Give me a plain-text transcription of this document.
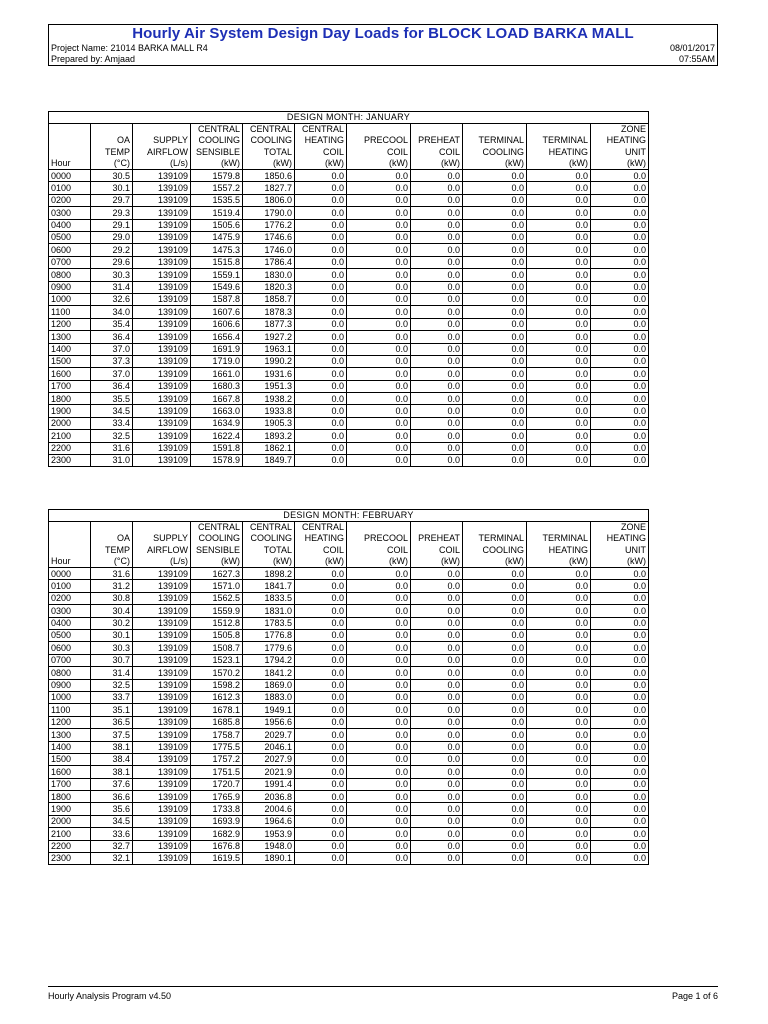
Hourly Air System Design Day Loads for BLOCK LOAD BARKA MALL
Project Name: 21014 BARKA MALL R4
Prepared by: Amjaad
08/01/2017
07:55AM
DESIGN MONTH: JANUARY										
			CENTRAL	CENTRAL	CENTRAL					ZONE
	OA	SUPPLY	COOLING	COOLING	HEATING	PRECOOL	PREHEAT	TERMINAL	TERMINAL	HEATING
	TEMP	AIRFLOW	SENSIBLE	TOTAL	COIL	COIL	COIL	COOLING	HEATING	UNIT
Hour	(°C)	(L/s)	(kW)	(kW)	(kW)	(kW)	(kW)	(kW)	(kW)	(kW)
0000	30.5	139109	1579.8	1850.6	0.0	0.0	0.0	0.0	0.0	0.0
0100	30.1	139109	1557.2	1827.7	0.0	0.0	0.0	0.0	0.0	0.0
0200	29.7	139109	1535.5	1806.0	0.0	0.0	0.0	0.0	0.0	0.0
0300	29.3	139109	1519.4	1790.0	0.0	0.0	0.0	0.0	0.0	0.0
0400	29.1	139109	1505.6	1776.2	0.0	0.0	0.0	0.0	0.0	0.0
0500	29.0	139109	1475.9	1746.6	0.0	0.0	0.0	0.0	0.0	0.0
0600	29.2	139109	1475.3	1746.0	0.0	0.0	0.0	0.0	0.0	0.0
0700	29.6	139109	1515.8	1786.4	0.0	0.0	0.0	0.0	0.0	0.0
0800	30.3	139109	1559.1	1830.0	0.0	0.0	0.0	0.0	0.0	0.0
0900	31.4	139109	1549.6	1820.3	0.0	0.0	0.0	0.0	0.0	0.0
1000	32.6	139109	1587.8	1858.7	0.0	0.0	0.0	0.0	0.0	0.0
1100	34.0	139109	1607.6	1878.3	0.0	0.0	0.0	0.0	0.0	0.0
1200	35.4	139109	1606.6	1877.3	0.0	0.0	0.0	0.0	0.0	0.0
1300	36.4	139109	1656.4	1927.2	0.0	0.0	0.0	0.0	0.0	0.0
1400	37.0	139109	1691.9	1963.1	0.0	0.0	0.0	0.0	0.0	0.0
1500	37.3	139109	1719.0	1990.2	0.0	0.0	0.0	0.0	0.0	0.0
1600	37.0	139109	1661.0	1931.6	0.0	0.0	0.0	0.0	0.0	0.0
1700	36.4	139109	1680.3	1951.3	0.0	0.0	0.0	0.0	0.0	0.0
1800	35.5	139109	1667.8	1938.2	0.0	0.0	0.0	0.0	0.0	0.0
1900	34.5	139109	1663.0	1933.8	0.0	0.0	0.0	0.0	0.0	0.0
2000	33.4	139109	1634.9	1905.3	0.0	0.0	0.0	0.0	0.0	0.0
2100	32.5	139109	1622.4	1893.2	0.0	0.0	0.0	0.0	0.0	0.0
2200	31.6	139109	1591.8	1862.1	0.0	0.0	0.0	0.0	0.0	0.0
2300	31.0	139109	1578.9	1849.7	0.0	0.0	0.0	0.0	0.0	0.0
DESIGN MONTH: FEBRUARY										
			CENTRAL	CENTRAL	CENTRAL					ZONE
	OA	SUPPLY	COOLING	COOLING	HEATING	PRECOOL	PREHEAT	TERMINAL	TERMINAL	HEATING
	TEMP	AIRFLOW	SENSIBLE	TOTAL	COIL	COIL	COIL	COOLING	HEATING	UNIT
Hour	(°C)	(L/s)	(kW)	(kW)	(kW)	(kW)	(kW)	(kW)	(kW)	(kW)
0000	31.6	139109	1627.3	1898.2	0.0	0.0	0.0	0.0	0.0	0.0
0100	31.2	139109	1571.0	1841.7	0.0	0.0	0.0	0.0	0.0	0.0
0200	30.8	139109	1562.5	1833.5	0.0	0.0	0.0	0.0	0.0	0.0
0300	30.4	139109	1559.9	1831.0	0.0	0.0	0.0	0.0	0.0	0.0
0400	30.2	139109	1512.8	1783.5	0.0	0.0	0.0	0.0	0.0	0.0
0500	30.1	139109	1505.8	1776.8	0.0	0.0	0.0	0.0	0.0	0.0
0600	30.3	139109	1508.7	1779.6	0.0	0.0	0.0	0.0	0.0	0.0
0700	30.7	139109	1523.1	1794.2	0.0	0.0	0.0	0.0	0.0	0.0
0800	31.4	139109	1570.2	1841.2	0.0	0.0	0.0	0.0	0.0	0.0
0900	32.5	139109	1598.2	1869.0	0.0	0.0	0.0	0.0	0.0	0.0
1000	33.7	139109	1612.3	1883.0	0.0	0.0	0.0	0.0	0.0	0.0
1100	35.1	139109	1678.1	1949.1	0.0	0.0	0.0	0.0	0.0	0.0
1200	36.5	139109	1685.8	1956.6	0.0	0.0	0.0	0.0	0.0	0.0
1300	37.5	139109	1758.7	2029.7	0.0	0.0	0.0	0.0	0.0	0.0
1400	38.1	139109	1775.5	2046.1	0.0	0.0	0.0	0.0	0.0	0.0
1500	38.4	139109	1757.2	2027.9	0.0	0.0	0.0	0.0	0.0	0.0
1600	38.1	139109	1751.5	2021.9	0.0	0.0	0.0	0.0	0.0	0.0
1700	37.6	139109	1720.7	1991.4	0.0	0.0	0.0	0.0	0.0	0.0
1800	36.6	139109	1765.9	2036.8	0.0	0.0	0.0	0.0	0.0	0.0
1900	35.6	139109	1733.8	2004.6	0.0	0.0	0.0	0.0	0.0	0.0
2000	34.5	139109	1693.9	1964.6	0.0	0.0	0.0	0.0	0.0	0.0
2100	33.6	139109	1682.9	1953.9	0.0	0.0	0.0	0.0	0.0	0.0
2200	32.7	139109	1676.8	1948.0	0.0	0.0	0.0	0.0	0.0	0.0
2300	32.1	139109	1619.5	1890.1	0.0	0.0	0.0	0.0	0.0	0.0
Hourly Analysis Program v4.50	Page 1 of 6
